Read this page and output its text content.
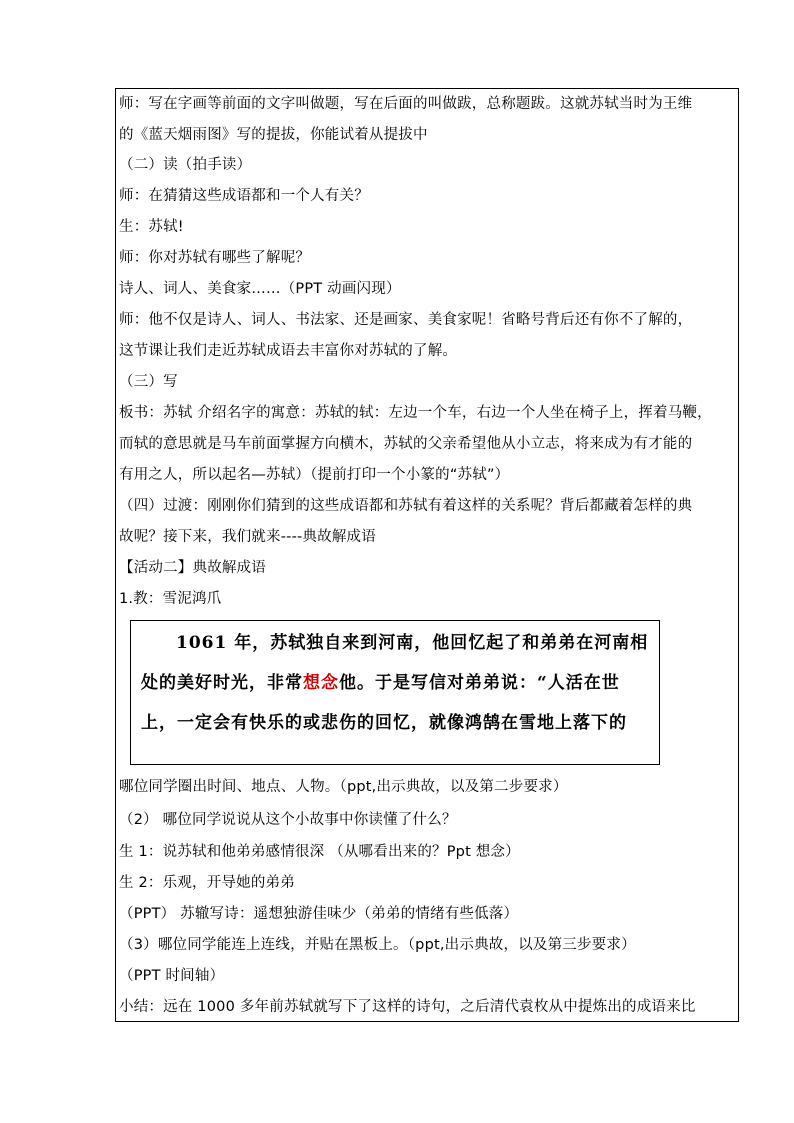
师：写在字画等前面的文字叫做题，写在后面的叫做跋，总称题跋。这就苏轼当时为王维
的《蓝天烟雨图》写的提拔，你能试着从提拔中
（二）读（拍手读）
师：在猜猜这些成语都和一个人有关？
生：苏轼!
师：你对苏轼有哪些了解呢？
诗人、词人、美食家……（PPT 动画闪现）
师：他不仅是诗人、词人、书法家、还是画家、美食家呢！省略号背后还有你不了解的，
这节课让我们走近苏轼成语去丰富你对苏轼的了解。
（三）写
板书：苏轼 介绍名字的寓意：苏轼的轼：左边一个车，右边一个人坐在椅子上，挥着马鞭，
而轼的意思就是马车前面掌握方向横木，苏轼的父亲希望他从小立志，将来成为有才能的
有用之人，所以起名—苏轼）（提前打印一个小篆的“苏轼”）
（四）过渡：刚刚你们猜到的这些成语都和苏轼有着这样的关系呢？背后都藏着怎样的典
故呢？接下来，我们就来----典故解成语
【活动二】典故解成语
1.教：雪泥鸿爪
1061 年，苏轼独自来到河南，他回忆起了和弟弟在河南相
处的美好时光，非常想念他。于是写信对弟弟说：“人活在世
上，一定会有快乐的或悲伤的回忆，就像鸿鹄在雪地上落下的
哪位同学圈出时间、地点、人物。（ppt,出示典故，以及第二步要求）
（2） 哪位同学说说从这个小故事中你读懂了什么？
生 1：说苏轼和他弟弟感情很深 （从哪看出来的？Ppt 想念）
生 2：乐观，开导她的弟弟
（PPT） 苏辙写诗：遥想独游佳味少（弟弟的情绪有些低落）
（3）哪位同学能连上连线，并贴在黑板上。（ppt,出示典故，以及第三步要求）
（PPT 时间轴）
小结：远在 1000 多年前苏轼就写下了这样的诗句，之后清代袁枚从中提炼出的成语来比
